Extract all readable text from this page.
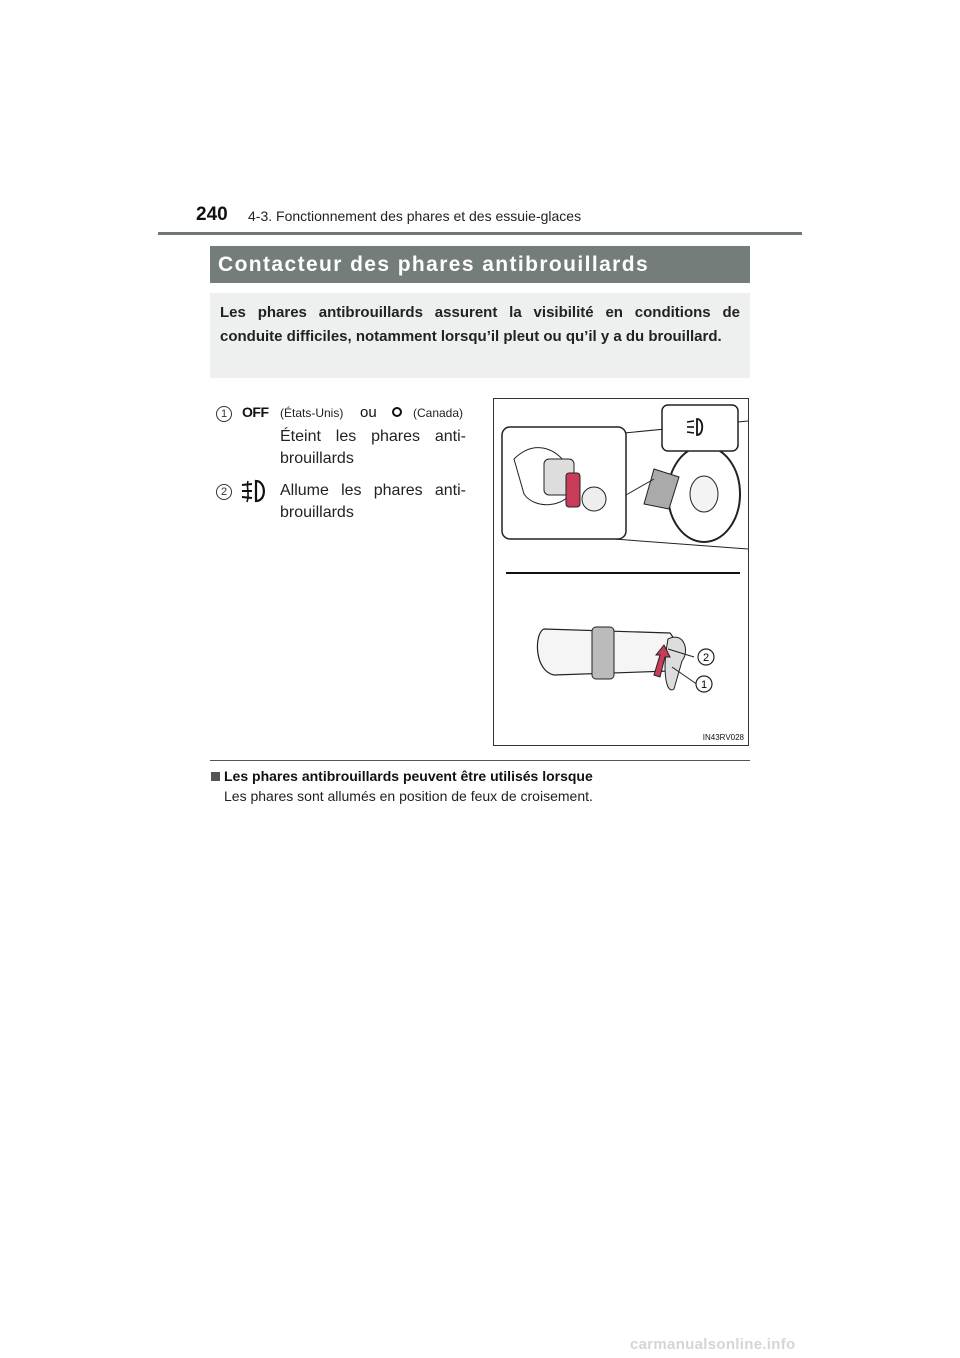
240 4-3. Fonctionnement des phares et des essuie-glaces
Contacteur des phares antibrouillards
Les phares antibrouillards assurent la visibilité en conditions de conduite difficiles, notamment lorsqu’il pleut ou qu’il y a du brouillard.
1	OFF (États-Unis) ou	(Canada)
Éteint les phares anti-brouillards
2	Allume les phares anti-brouillards
2
1
IN43RV028
Les phares antibrouillards peuvent être utilisés lorsque
Les phares sont allumés en position de feux de croisement.
carmanualsonline.info
